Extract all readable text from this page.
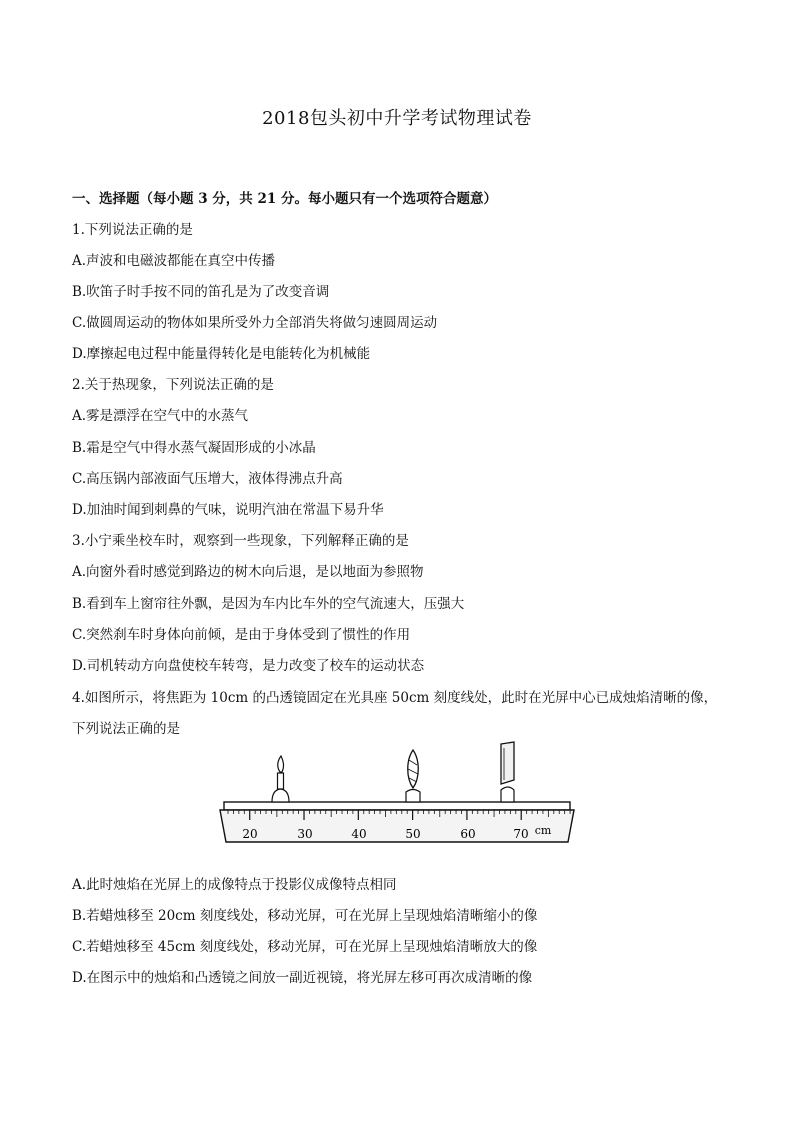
2018包头初中升学考试物理试卷
一、选择题（每小题 3 分，共 21 分。每小题只有一个选项符合题意）
1.下列说法正确的是
A.声波和电磁波都能在真空中传播
B.吹笛子时手按不同的笛孔是为了改变音调
C.做圆周运动的物体如果所受外力全部消失将做匀速圆周运动
D.摩擦起电过程中能量得转化是电能转化为机械能
2.关于热现象，下列说法正确的是
A.雾是漂浮在空气中的水蒸气
B.霜是空气中得水蒸气凝固形成的小冰晶
C.高压锅内部液面气压增大，液体得沸点升高
D.加油时闻到刺鼻的气味，说明汽油在常温下易升华
3.小宁乘坐校车时，观察到一些现象，下列解释正确的是
A.向窗外看时感觉到路边的树木向后退，是以地面为参照物
B.看到车上窗帘往外飘，是因为车内比车外的空气流速大，压强大
C.突然刹车时身体向前倾，是由于身体受到了惯性的作用
D.司机转动方向盘使校车转弯，是力改变了校车的运动状态
4.如图所示，将焦距为 10cm 的凸透镜固定在光具座 50cm 刻度线处，此时在光屏中心已成烛焰清晰的像，
下列说法正确的是
20	30	40	50	60	70 cm
A.此时烛焰在光屏上的成像特点于投影仪成像特点相同
B.若蜡烛移至 20cm 刻度线处，移动光屏，可在光屏上呈现烛焰清晰缩小的像
C.若蜡烛移至 45cm 刻度线处，移动光屏，可在光屏上呈现烛焰清晰放大的像
D.在图示中的烛焰和凸透镜之间放一副近视镜，将光屏左移可再次成清晰的像
